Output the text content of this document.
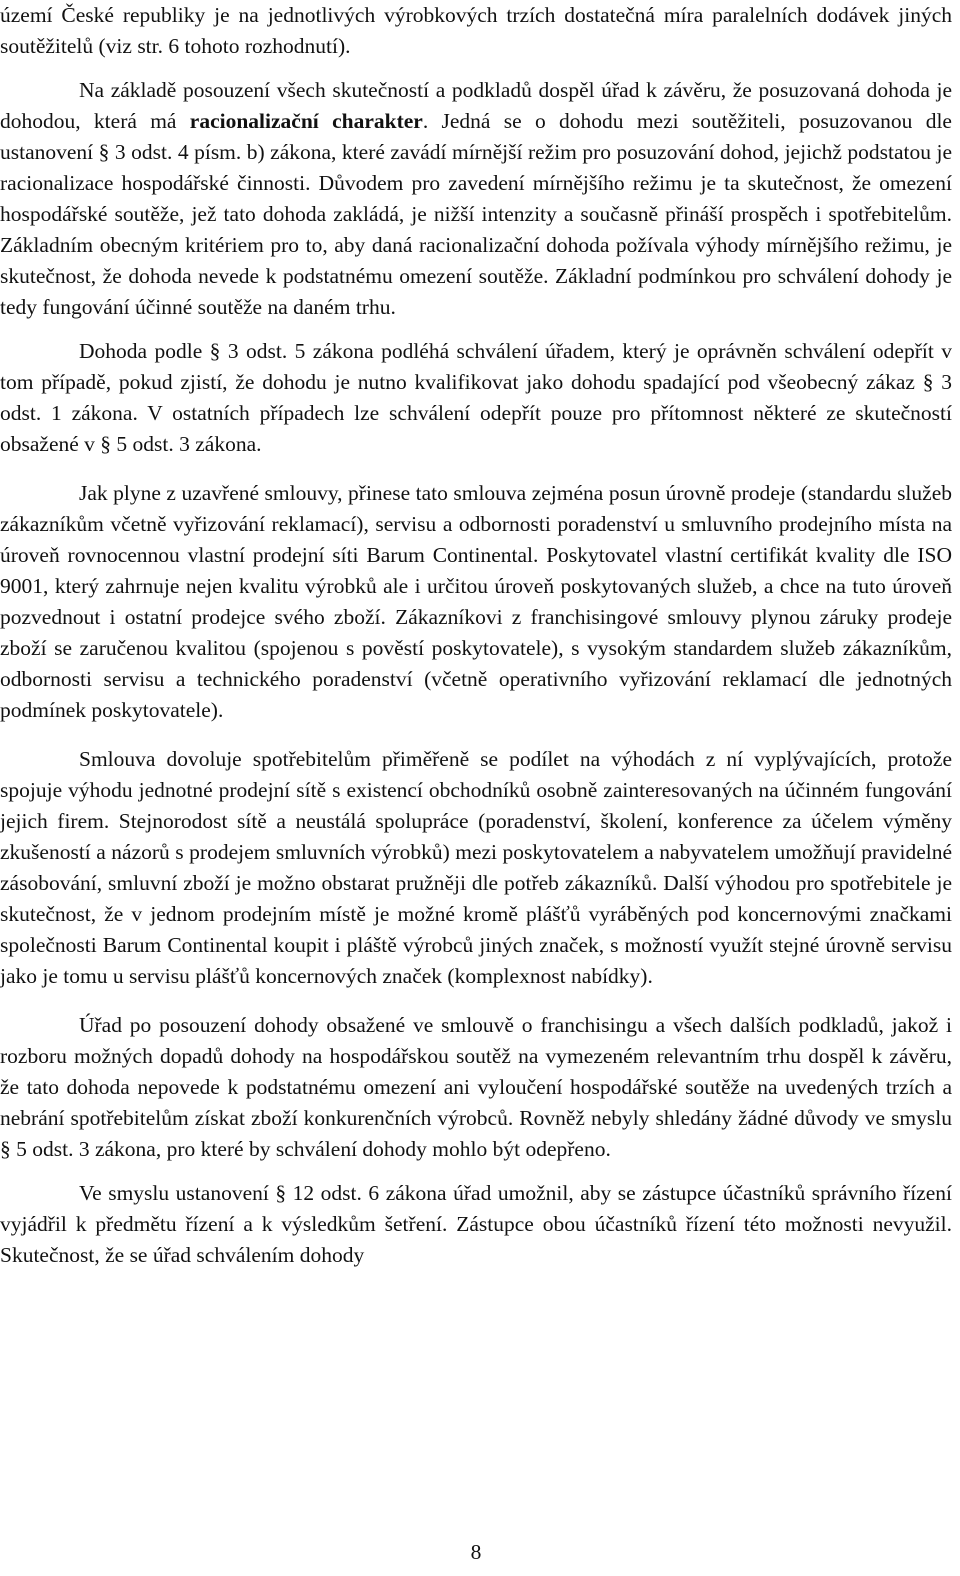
území České republiky je na jednotlivých výrobkových trzích dostatečná míra paralelních dodávek jiných soutěžitelů (viz str. 6 tohoto rozhodnutí).

Na základě posouzení všech skutečností a podkladů dospěl úřad k závěru, že posuzovaná dohoda je dohodou, která má racionalizační charakter. Jedná se o dohodu mezi soutěžiteli, posuzovanou dle ustanovení § 3 odst. 4 písm. b) zákona, které zavádí mírnější režim pro posuzování dohod, jejichž podstatou je racionalizace hospodářské činnosti. Důvodem pro zavedení mírnějšího režimu je ta skutečnost, že omezení hospodářské soutěže, jež tato dohoda zakládá, je nižší intenzity a současně přináší prospěch i spotřebitelům. Základním obecným kritériem pro to, aby daná racionalizační dohoda požívala výhody mírnějšího režimu, je skutečnost, že dohoda nevede k podstatnému omezení soutěže. Základní podmínkou pro schválení dohody je tedy fungování účinné soutěže na daném trhu.

Dohoda podle § 3 odst. 5 zákona podléhá schválení úřadem, který je oprávněn schválení odepřít v tom případě, pokud zjistí, že dohodu je nutno kvalifikovat jako dohodu spadající pod všeobecný zákaz § 3 odst. 1 zákona. V ostatních případech lze schválení odepřít pouze pro přítomnost některé ze skutečností obsažené v § 5 odst. 3 zákona.

Jak plyne z uzavřené smlouvy, přinese tato smlouva zejména posun úrovně prodeje (standardu služeb zákazníkům včetně vyřizování reklamací), servisu a odbornosti poradenství u smluvního prodejního místa na úroveň rovnocennou vlastní prodejní síti Barum Continental. Poskytovatel vlastní certifikát kvality dle ISO 9001, který zahrnuje nejen kvalitu výrobků ale i určitou úroveň poskytovaných služeb, a chce na tuto úroveň pozvednout i ostatní prodejce svého zboží. Zákazníkovi z franchisingové smlouvy plynou záruky prodeje zboží se zaručenou kvalitou (spojenou s pověstí poskytovatele), s vysokým standardem služeb zákazníkům, odbornosti servisu a technického poradenství (včetně operativního vyřizování reklamací dle jednotných podmínek poskytovatele).

Smlouva dovoluje spotřebitelům přiměřeně se podílet na výhodách z ní vyplývajících, protože spojuje výhodu jednotné prodejní sítě s existencí obchodníků osobně zainteresovaných na účinném fungování jejich firem. Stejnorodost sítě a neustálá spolupráce (poradenství, školení, konference za účelem výměny zkušeností a názorů s prodejem smluvních výrobků) mezi poskytovatelem a nabyvatelem umožňují pravidelné zásobování, smluvní zboží je možno obstarat pružněji dle potřeb zákazníků. Další výhodou pro spotřebitele je skutečnost, že v jednom prodejním místě je možné kromě plášťů vyráběných pod koncernovými značkami společnosti Barum Continental koupit i pláště výrobců jiných značek, s možností využít stejné úrovně servisu jako je tomu u servisu plášťů koncernových značek (komplexnost nabídky).

Úřad po posouzení dohody obsažené ve smlouvě o franchisingu a všech dalších podkladů, jakož i rozboru možných dopadů dohody na hospodářskou soutěž na vymezeném relevantním trhu dospěl k závěru, že tato dohoda nepovede k podstatnému omezení ani vyloučení hospodářské soutěže na uvedených trzích a nebrání spotřebitelům získat zboží konkurenčních výrobců. Rovněž nebyly shledány žádné důvody ve smyslu § 5 odst. 3 zákona, pro které by schválení dohody mohlo být odepřeno.

Ve smyslu ustanovení § 12 odst. 6 zákona úřad umožnil, aby se zástupce účastníků správního řízení vyjádřil k předmětu řízení a k výsledkům šetření. Zástupce obou účastníků řízení této možnosti nevyužil. Skutečnost, že se úřad schválením dohody

8
